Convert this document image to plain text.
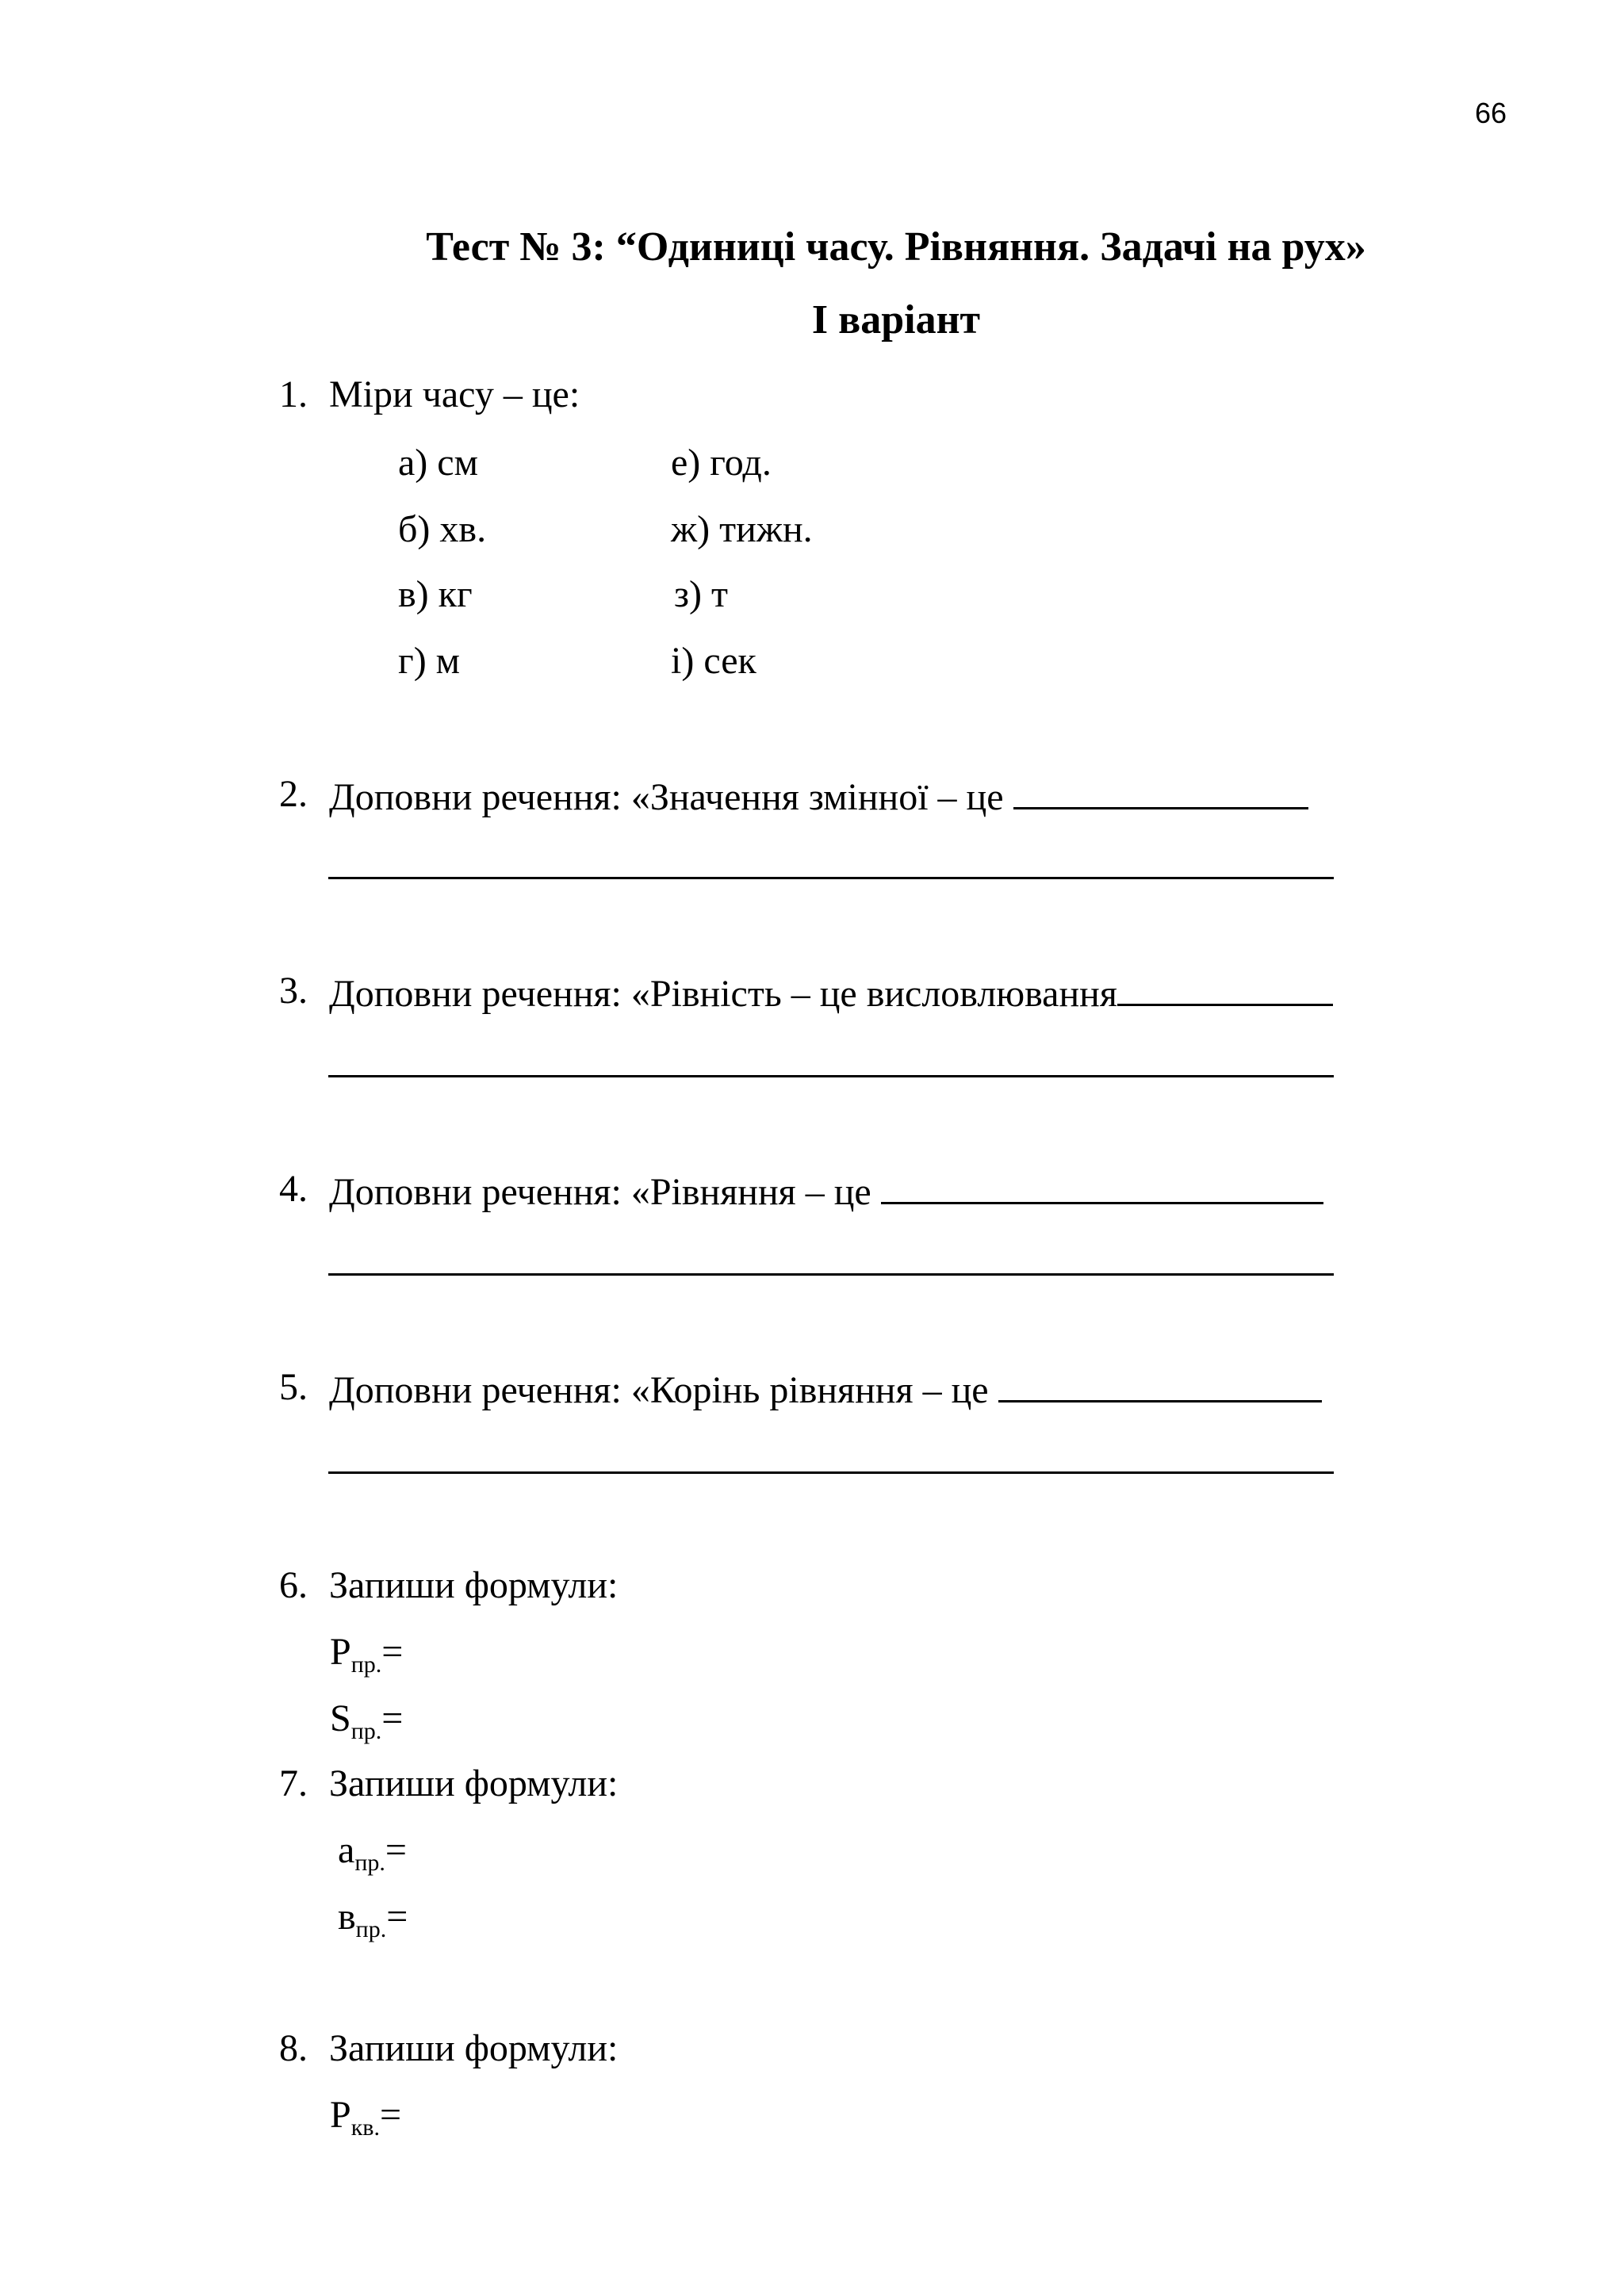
66
Тест № 3: “Одиниці часу. Рівняння. Задачі на рух»
І варіант
1. Міри часу – це:
а) см	е) год.
б) хв.	ж) тижн.
в) кг	з) т
г) м	і) сек
2. Доповни речення: «Значення змінної – це
3. Доповни речення: «Рівність – це висловлювання
4. Доповни речення: «Рівняння – це
5. Доповни речення: «Корінь рівняння – це
6. Запиши формули:
$P_{пр.}=$
$S_{пр.}=$
7. Запиши формули:
$a_{пр.}=$
$в_{пр.}=$
8. Запиши формули:
$P_{кв.}=$
